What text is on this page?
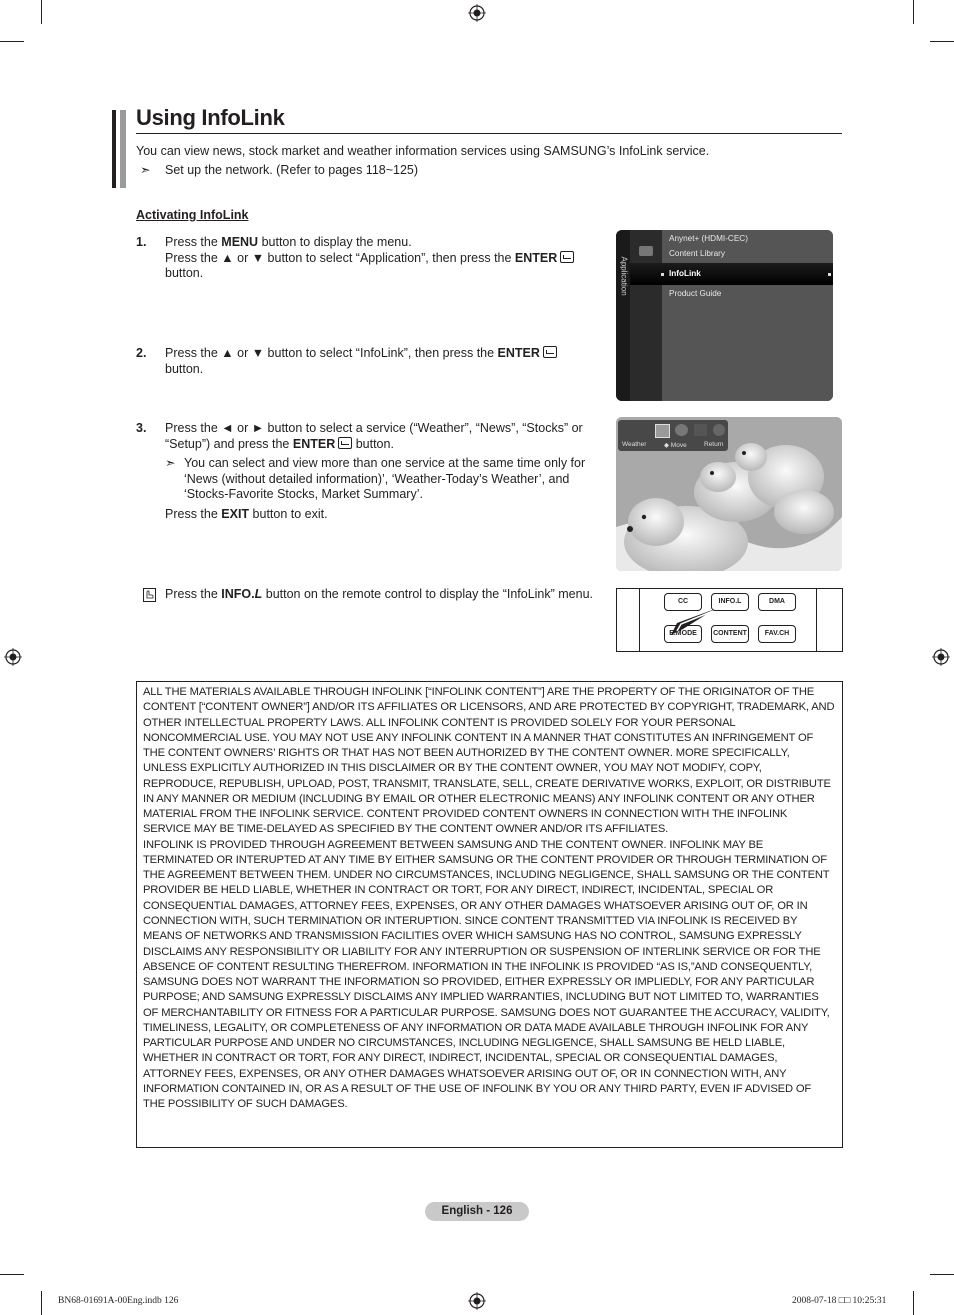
Using InfoLink
You can view news, stock market and weather information services using SAMSUNG’s InfoLink service.
➣ Set up the network. (Refer to pages 118~125)
Activating InfoLink
1. Press the MENU button to display the menu.
Press the ▲ or ▼ button to select “Application”, then press the ENTER
button.
2. Press the ▲ or ▼ button to select “InfoLink”, then press the ENTER
button.
3. Press the ◄ or ► button to select a service (“Weather”, “News”, “Stocks” or
“Setup”) and press the ENTER button.
➣ You can select and view more than one service at the same time only for
‘News (without detailed information)’, ‘Weather-Today’s Weather’, and
‘Stocks-Favorite Stocks, Market Summary’.
Press the EXIT button to exit.
Press the INFO.L button on the remote control to display the “InfoLink” menu.
Application
Anynet+ (HDMI-CEC)
Content Library
InfoLink
Product Guide
Weather	◆ Move	Return
CC	INFO.L	DMA
E.MODE	CONTENT	FAV.CH

ALL THE MATERIALS AVAILABLE THROUGH INFOLINK [“INFOLINK CONTENT”] ARE THE PROPERTY OF THE ORIGINATOR OF THE CONTENT [“CONTENT OWNER”] AND/OR ITS AFFILIATES OR LICENSORS, AND ARE PROTECTED BY COPYRIGHT, TRADEMARK, AND OTHER INTELLECTUAL PROPERTY LAWS. ALL INFOLINK CONTENT IS PROVIDED SOLELY FOR YOUR PERSONAL NONCOMMERCIAL USE. YOU MAY NOT USE ANY INFOLINK CONTENT IN A MANNER THAT CONSTITUTES AN INFRINGEMENT OF THE CONTENT OWNERS’ RIGHTS OR THAT HAS NOT BEEN AUTHORIZED BY THE CONTENT OWNER. MORE SPECIFICALLY, UNLESS EXPLICITLY AUTHORIZED IN THIS DISCLAIMER OR BY THE CONTENT OWNER, YOU MAY NOT MODIFY, COPY, REPRODUCE, REPUBLISH, UPLOAD, POST, TRANSMIT, TRANSLATE, SELL, CREATE DERIVATIVE WORKS, EXPLOIT, OR DISTRIBUTE IN ANY MANNER OR MEDIUM (INCLUDING BY EMAIL OR OTHER ELECTRONIC MEANS) ANY INFOLINK CONTENT OR ANY OTHER MATERIAL FROM THE INFOLINK SERVICE. CONTENT PROVIDED CONTENT OWNERS IN CONNECTION WITH THE INFOLINK SERVICE MAY BE TIME-DELAYED AS SPECIFIED BY THE CONTENT OWNER AND/OR ITS AFFILIATES.

INFOLINK IS PROVIDED THROUGH AGREEMENT BETWEEN SAMSUNG AND THE CONTENT OWNER. INFOLINK MAY BE TERMINATED OR INTERUPTED AT ANY TIME BY EITHER SAMSUNG OR THE CONTENT PROVIDER OR THROUGH TERMINATION OF THE AGREEMENT BETWEEN THEM. UNDER NO CIRCUMSTANCES, INCLUDING NEGLIGENCE, SHALL SAMSUNG OR THE CONTENT PROVIDER BE HELD LIABLE, WHETHER IN CONTRACT OR TORT, FOR ANY DIRECT, INDIRECT, INCIDENTAL, SPECIAL OR CONSEQUENTIAL DAMAGES, ATTORNEY FEES, EXPENSES, OR ANY OTHER DAMAGES WHATSOEVER ARISING OUT OF, OR IN CONNECTION WITH, SUCH TERMINATION OR INTERUPTION. SINCE CONTENT TRANSMITTED VIA INFOLINK IS RECEIVED BY MEANS OF NETWORKS AND TRANSMISSION FACILITIES OVER WHICH SAMSUNG HAS NO CONTROL, SAMSUNG EXPRESSLY DISCLAIMS ANY RESPONSIBILITY OR LIABILITY FOR ANY INTERRUPTION OR SUSPENSION OF INTERLINK SERVICE OR FOR THE ABSENCE OF CONTENT RESULTING THEREFROM. INFORMATION IN THE INFOLINK IS PROVIDED “AS IS,”AND CONSEQUENTLY, SAMSUNG DOES NOT WARRANT THE INFORMATION SO PROVIDED, EITHER EXPRESSLY OR IMPLIEDLY, FOR ANY PARTICULAR PURPOSE; AND SAMSUNG EXPRESSLY DISCLAIMS ANY IMPLIED WARRANTIES, INCLUDING BUT NOT LIMITED TO, WARRANTIES OF MERCHANTABILITY OR FITNESS FOR A PARTICULAR PURPOSE. SAMSUNG DOES NOT GUARANTEE THE ACCURACY, VALIDITY, TIMELINESS, LEGALITY, OR COMPLETENESS OF ANY INFORMATION OR DATA MADE AVAILABLE THROUGH INFOLINK FOR ANY PARTICULAR PURPOSE AND UNDER NO CIRCUMSTANCES, INCLUDING NEGLIGENCE, SHALL SAMSUNG BE HELD LIABLE, WHETHER IN CONTRACT OR TORT, FOR ANY DIRECT, INDIRECT, INCIDENTAL, SPECIAL OR CONSEQUENTIAL DAMAGES, ATTORNEY FEES, EXPENSES, OR ANY OTHER DAMAGES WHATSOEVER ARISING OUT OF, OR IN CONNECTION WITH, ANY INFORMATION CONTAINED IN, OR AS A RESULT OF THE USE OF INFOLINK BY YOU OR ANY THIRD PARTY, EVEN IF ADVISED OF THE POSSIBILITY OF SUCH DAMAGES.

English - 126
BN68-01691A-00Eng.indb 126	2008-07-18 □□ 10:25:31
